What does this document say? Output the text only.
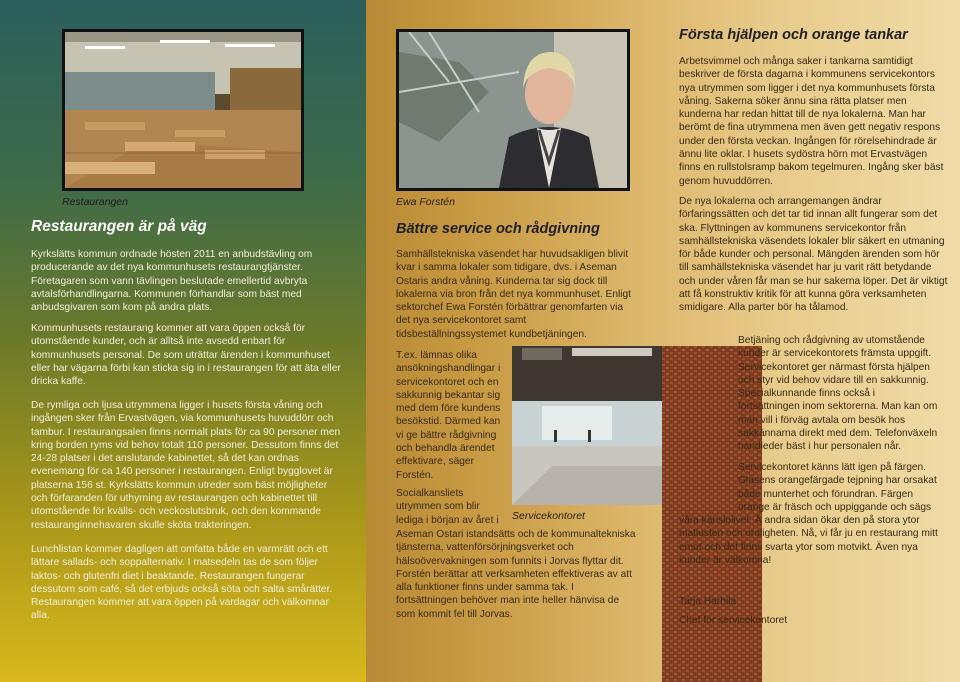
Restaurangen

Restaurangen är på väg

Kyrkslätts kommun ordnade hösten 2011 en anbudstävling om producerande av det nya kommunhusets restaurangtjänster. Företagaren som vann tävlingen beslutade emellertid avbryta avtalsförhandlingarna. Kommunen förhandlar som bäst med anbudsgivaren som kom på andra plats.

Kommunhusets restaurang kommer att vara öppen också för utomstående kunder, och är alltså inte avsedd enbart för kommunhusets personal. De som uträttar ärenden i kommunhuset eller har vägarna förbi kan sticka sig in i restaurangen för att äta eller dricka kaffe.

De rymliga och ljusa utrymmena ligger i husets första våning och ingången sker från Ervastvägen, via kommunhusets huvuddörr och tambur. I restaurangsalen finns normalt plats för ca 90 personer men kring borden ryms vid behov totalt 110 personer. Dessutom finns det 24-28 platser i det anslutande kabinettet, så det kan ordnas evenemang för ca 140 personer i restaurangen. Enligt bygglovet är platserna 156 st. Kyrkslätts kommun utreder som bäst möjligheter och förfaranden för uthyrning av restaurangen och kabinettet till utomstående för kvälls- och veckoslutsbruk, och den kommande restauranginnehavaren skulle sköta trakteringen.

Lunchlistan kommer dagligen att omfatta både en varmrätt och ett lättare sallads- och soppalternativ. I matsedeln tas de som följer laktos- och glutenfri diet i beaktande. Restaurangen fungerar dessutom som café, så det erbjuds också söta och salta smårätter. Restaurangen kommer att vara öppen på vardagar och välkomnar alla.

Ewa Forstén

Bättre service och rådgivning

Samhällstekniska väsendet har huvudsakligen blivit kvar i samma lokaler som tidigare, dvs. i Aseman Ostaris andra våning. Kunderna tar sig dock till lokalerna via bron från det nya kommunhuset. Enligt sektorchef Ewa Forstén förbättrar genomfarten via det nya servicekontoret samt tidsbeställningssystemet kundbetjäningen.

T.ex. lämnas olika ansökningshandlingar i servicekontoret och en sakkunnig bekantar sig med dem före kundens besökstid. Därmed kan vi ge bättre rådgivning och behandla ärendet effektivare, säger Forstén.

Socialkansliets utrymmen som blir lediga i början av året i

Aseman Ostari istandsätts och de kommunaltekniska tjänsterna, vattenförsörjningsverket och hälsoövervakningen som funnits i Jorvas flyttar dit. Forstén berättar att verksamheten effektiveras av att alla funktioner finns under samma tak. I fortsättningen behöver man inte heller hänvisa de som kommit fel till Jorvas.

Servicekontoret

Första hjälpen och orange tankar

Arbetsvimmel och många saker i tankarna samtidigt beskriver de första dagarna i kommunens servicekontors nya utrymmen som ligger i det nya kommunhusets första våning. Sakerna söker ännu sina rätta platser men kunderna har redan hittat till de nya lokalerna. Man har berömt de fina utrymmena men även gett negativ respons under den första veckan. Ingången för rörelsehindrade är ännu lite oklar. I husets sydöstra hörn mot Ervastvägen finns en rullstolsramp bakom tegelmuren. Ingång sker bäst genom huvuddörren.

De nya lokalerna och arrangemangen ändrar förfaringssätten och det tar tid innan allt fungerar som det ska. Flyttningen av kommunens servicekontor från samhällstekniska väsendets lokaler blir säkert en utmaning för både kunder och personal. Mängden ärenden som hör till samhällstekniska väsendet har ju varit rätt betydande och under våren får man se hur sakerna löper. Det är viktigt att få konstruktiv kritik för att kunna göra verksamheten smidigare. Alla parter bör ha tålamod.

Betjäning och rådgivning av utomstående kunder är servicekontorets främsta uppgift. Servicekontoret ger närmast första hjälpen och styr vid behov vidare till en sakkunnig. Specialkunnande finns också i fortsättningen inom sektorerna. Man kan om man vill i förväg avtala om besök hos sakkännarna direkt med dem. Telefonväxeln handleder bäst i hur personalen når.

Servicekontoret känns lätt igen på färgen. Glasens orangefärgade tejpning har orsakat både munterhet och förundran. Färgen orange är fräsch och uppiggande och sägs

våra känslolivet. Å andra sidan ökar den på stora ytor matlusten och oroligheten. Nå, vi får ju en restaurang mitt emot och det finns svarta ytor som motvikt. Även nya kunder är välkomna!

Tarja Harhila

Chef för servicekontoret
